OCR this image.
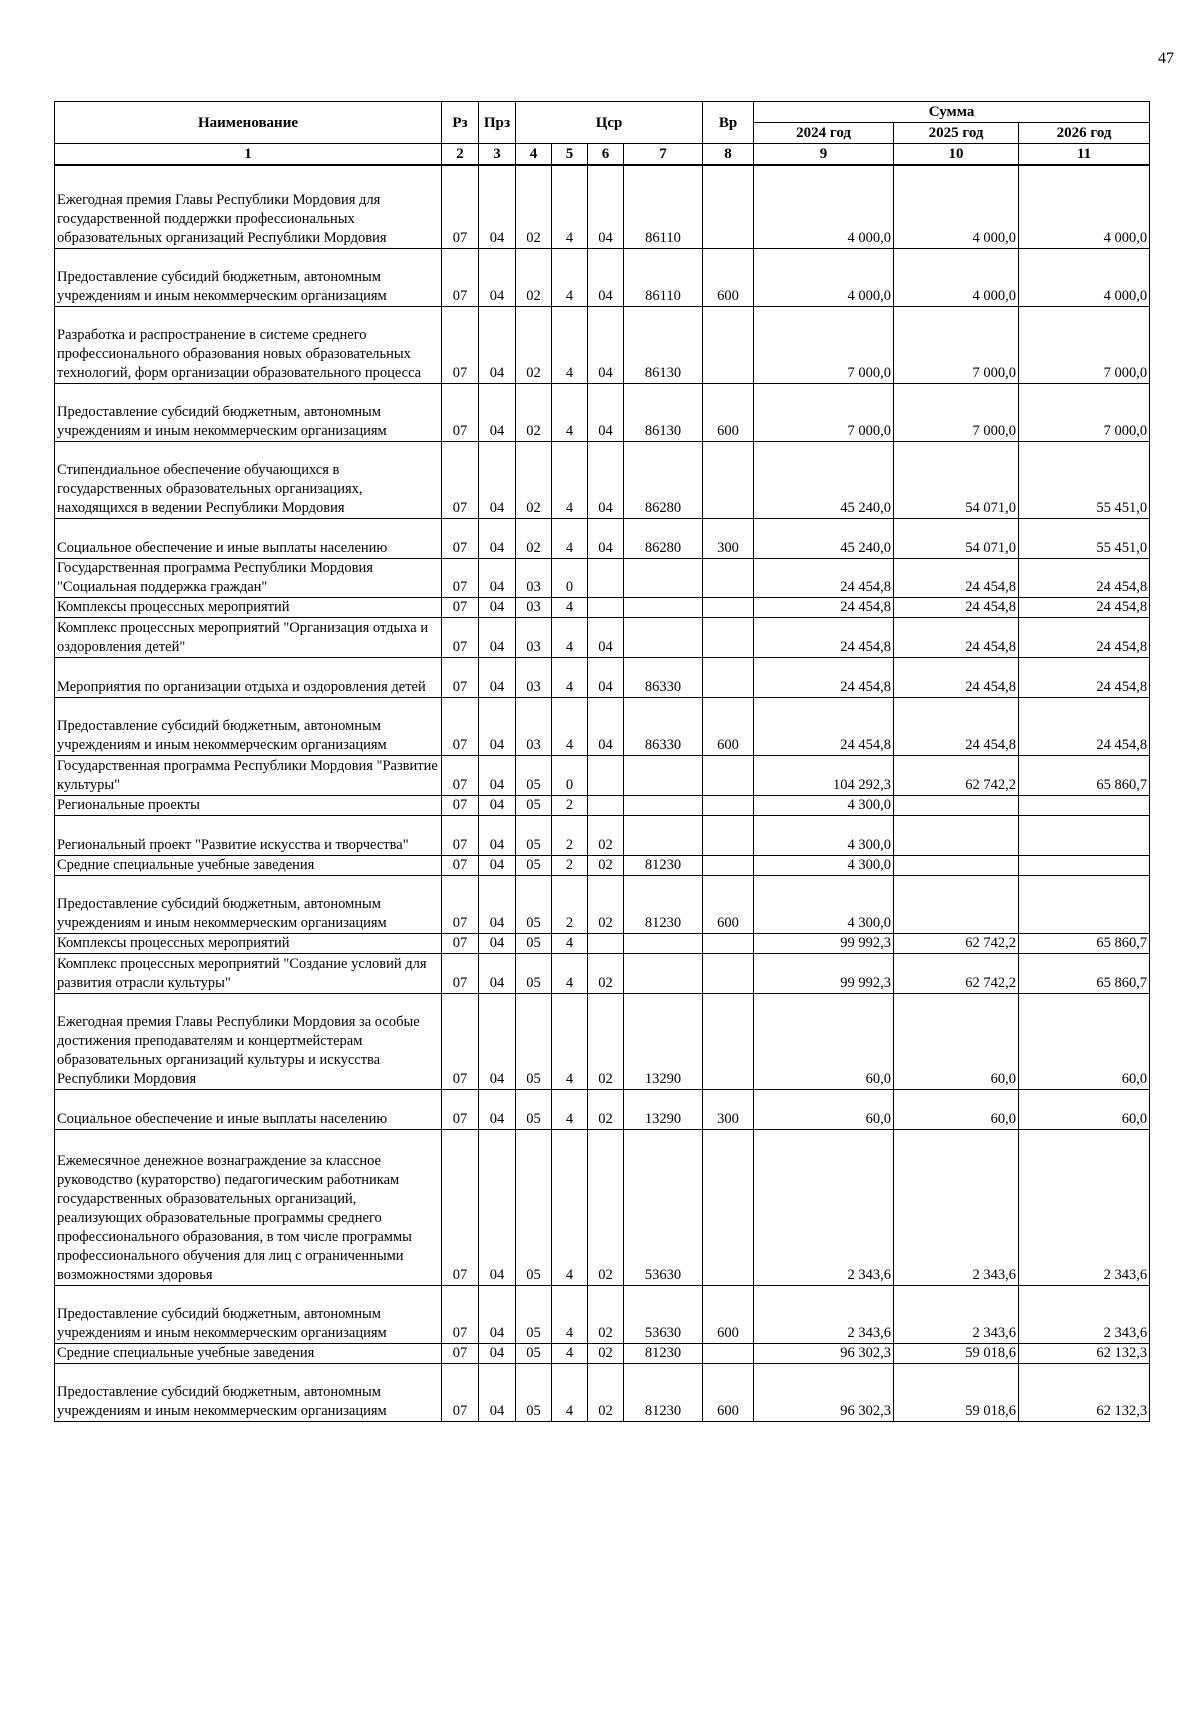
47
Наименование	Рз	Прз	Цср				Вр	Сумма		
								2024 год	2025 год	2026 год
1	2	3	4	5	6	7	8	9	10	11
Ежегодная премия Главы Республики Мордовия для государственной поддержки профессиональных образовательных организаций Республики Мордовия	07	04	02	4	04	86110		4 000,0	4 000,0	4 000,0
Предоставление субсидий бюджетным, автономным учреждениям и иным некоммерческим организациям	07	04	02	4	04	86110	600	4 000,0	4 000,0	4 000,0
Разработка и распространение в системе среднего профессионального образования новых образовательных технологий, форм организации образовательного процесса	07	04	02	4	04	86130		7 000,0	7 000,0	7 000,0
Предоставление субсидий бюджетным, автономным учреждениям и иным некоммерческим организациям	07	04	02	4	04	86130	600	7 000,0	7 000,0	7 000,0
Стипендиальное обеспечение обучающихся в государственных образовательных организациях, находящихся в ведении Республики Мордовия	07	04	02	4	04	86280		45 240,0	54 071,0	55 451,0
Социальное обеспечение и иные выплаты населению	07	04	02	4	04	86280	300	45 240,0	54 071,0	55 451,0
Государственная программа Республики Мордовия "Социальная поддержка граждан"	07	04	03	0				24 454,8	24 454,8	24 454,8
Комплексы процессных мероприятий	07	04	03	4				24 454,8	24 454,8	24 454,8
Комплекс процессных мероприятий "Организация отдыха и оздоровления детей"	07	04	03	4	04			24 454,8	24 454,8	24 454,8
Мероприятия по организации отдыха и оздоровления детей	07	04	03	4	04	86330		24 454,8	24 454,8	24 454,8
Предоставление субсидий бюджетным, автономным учреждениям и иным некоммерческим организациям	07	04	03	4	04	86330	600	24 454,8	24 454,8	24 454,8
Государственная программа Республики Мордовия "Развитие культуры"	07	04	05	0				104 292,3	62 742,2	65 860,7
Региональные проекты	07	04	05	2				4 300,0		
Региональный проект "Развитие искусства и творчества"	07	04	05	2	02			4 300,0		
Средние специальные учебные заведения	07	04	05	2	02	81230		4 300,0		
Предоставление субсидий бюджетным, автономным учреждениям и иным некоммерческим организациям	07	04	05	2	02	81230	600	4 300,0		
Комплексы процессных мероприятий	07	04	05	4				99 992,3	62 742,2	65 860,7
Комплекс процессных мероприятий "Создание условий для развития отрасли культуры"	07	04	05	4	02			99 992,3	62 742,2	65 860,7
Ежегодная премия Главы Республики Мордовия за особые достижения преподавателям и концертмейстерам образовательных организаций культуры и искусства Республики Мордовия	07	04	05	4	02	13290		60,0	60,0	60,0
Социальное обеспечение и иные выплаты населению	07	04	05	4	02	13290	300	60,0	60,0	60,0
Ежемесячное денежное вознаграждение за классное руководство (кураторство) педагогическим работникам государственных образовательных организаций, реализующих образовательные программы среднего профессионального образования, в том числе программы профессионального обучения для лиц с ограниченными возможностями здоровья	07	04	05	4	02	53630		2 343,6	2 343,6	2 343,6
Предоставление субсидий бюджетным, автономным учреждениям и иным некоммерческим организациям	07	04	05	4	02	53630	600	2 343,6	2 343,6	2 343,6
Средние специальные учебные заведения	07	04	05	4	02	81230		96 302,3	59 018,6	62 132,3
Предоставление субсидий бюджетным, автономным учреждениям и иным некоммерческим организациям	07	04	05	4	02	81230	600	96 302,3	59 018,6	62 132,3
